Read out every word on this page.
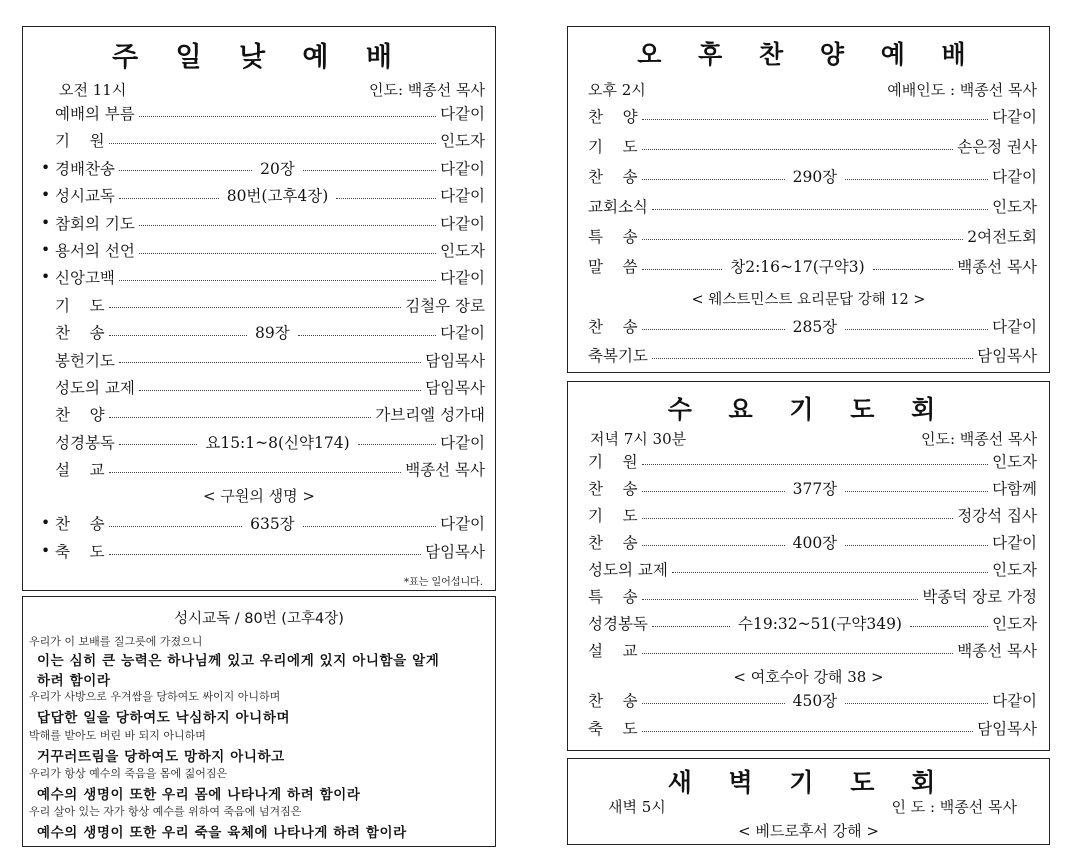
주 일 낮 예 배
오전 11시	인도: 백종선 목사
예배의 부름	다같이
기    원	인도자
• 경배찬송	20장	다같이
• 성시교독	80번(고후4장)	다같이
• 참회의 기도	다같이
• 용서의 선언	인도자
• 신앙고백	다같이
기    도	김철우 장로
찬    송	89장	다같이
봉헌기도	담임목사
성도의 교제	담임목사
찬    양	가브리엘 성가대
성경봉독	요15:1~8(신약174)	다같이
설    교	백종선 목사
< 구원의 생명 >
• 찬    송	635장	다같이
• 축    도	담임목사
*표는 일어섭니다.
성시교독 / 80번 (고후4장)
우리가 이 보배를 질그릇에 가졌으니
이는 심히 큰 능력은 하나님께 있고 우리에게 있지 아니함을 알게
하려 함이라
우리가 사방으로 우겨쌈을 당하여도 싸이지 아니하며
답답한 일을 당하여도 낙심하지 아니하며
박해를 받아도 버린 바 되지 아니하며
거꾸러뜨림을 당하여도 망하지 아니하고
우리가 항상 예수의 죽음을 몸에 짊어짐은
예수의 생명이 또한 우리 몸에 나타나게 하려 함이라
우리 살아 있는 자가 항상 예수를 위하여 죽음에 넘겨짐은
예수의 생명이 또한 우리 죽을 육체에 나타나게 하려 함이라
오 후 찬 양 예 배
오후 2시	예배인도 : 백종선 목사
찬    양	다같이
기    도	손은정 권사
찬    송	290장	다같이
교회소식	인도자
특    송	2여전도회
말    씀	창2:16~17(구약3)	백종선 목사
< 웨스트민스트 요리문답 강해 12 >
찬    송	285장	다같이
축복기도	담임목사
수 요 기 도 회
저녁 7시 30분	인도: 백종선 목사
기    원	인도자
찬    송	377장	다함께
기    도	정강석 집사
찬    송	400장	다같이
성도의 교제	인도자
특    송	박종덕 장로 가정
성경봉독	수19:32~51(구약349)	인도자
설    교	백종선 목사
< 여호수아 강해 38 >
찬    송	450장	다같이
축    도	담임목사
새 벽 기 도 회
새벽 5시	인 도 : 백종선 목사
< 베드로후서 강해 >
